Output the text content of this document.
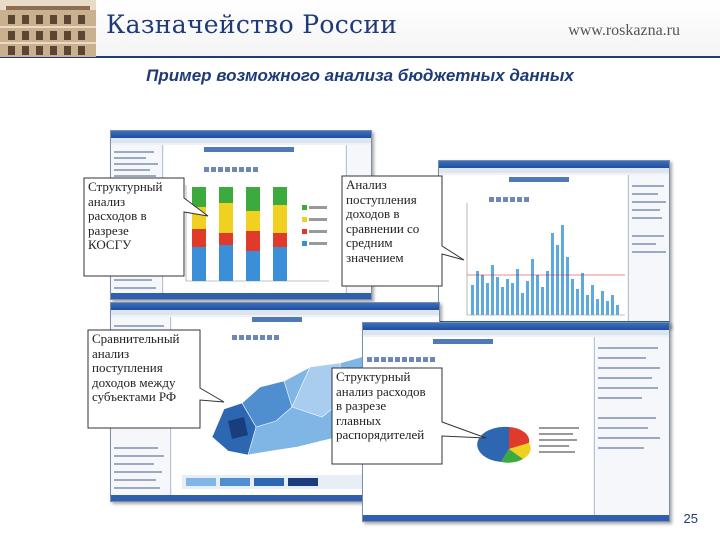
Казначейство России	www.roskazna.ru
Пример возможного анализа бюджетных данных
Структурный
анализ
расходов в
разрезе
КОСГУ
Анализ
поступления
доходов в
сравнении со
средним
значением
Сравнительный
анализ
поступления
доходов между
субъектами РФ
Структурный
анализ расходов
в разрезе
главных
распорядителей
25
